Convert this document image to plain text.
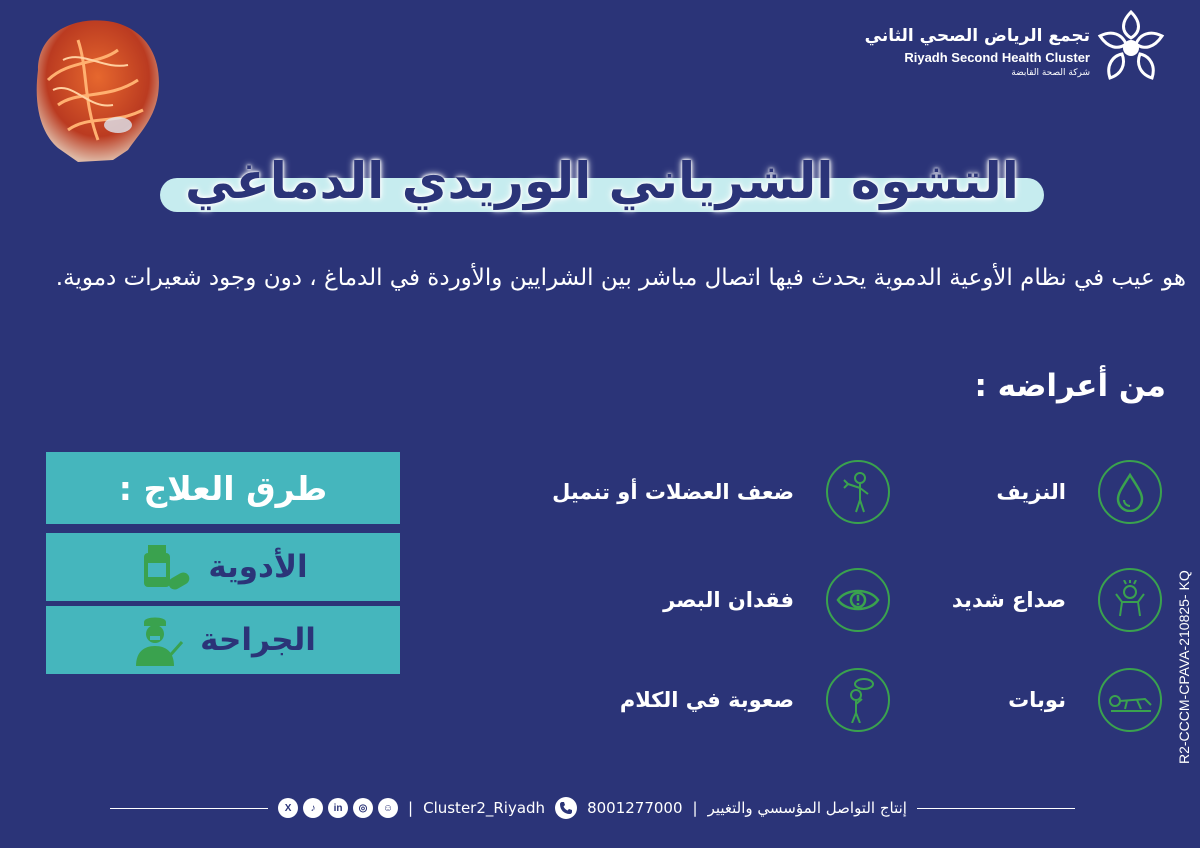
تجمع الرياض الصحي الثاني
Riyadh Second Health Cluster
شركة الصحة القابضة
التشوه الشرياني الوريدي الدماغي
هو عيب في نظام الأوعية الدموية يحدث فيها اتصال مباشر بين الشرايين والأوردة في الدماغ ، دون وجود شعيرات دموية.
من أعراضه :
النزيف
صداع شديد
نوبات
ضعف العضلات أو تنميل
فقدان البصر
صعوبة في الكلام
طرق العلاج :
الأدوية
الجراحة	R2-CCCM-CPAVA-210825- KQ
X	♪	in	◎	☺ | Cluster2_Riyadh	8001277000 | إنتاج التواصل المؤسسي والتغيير
